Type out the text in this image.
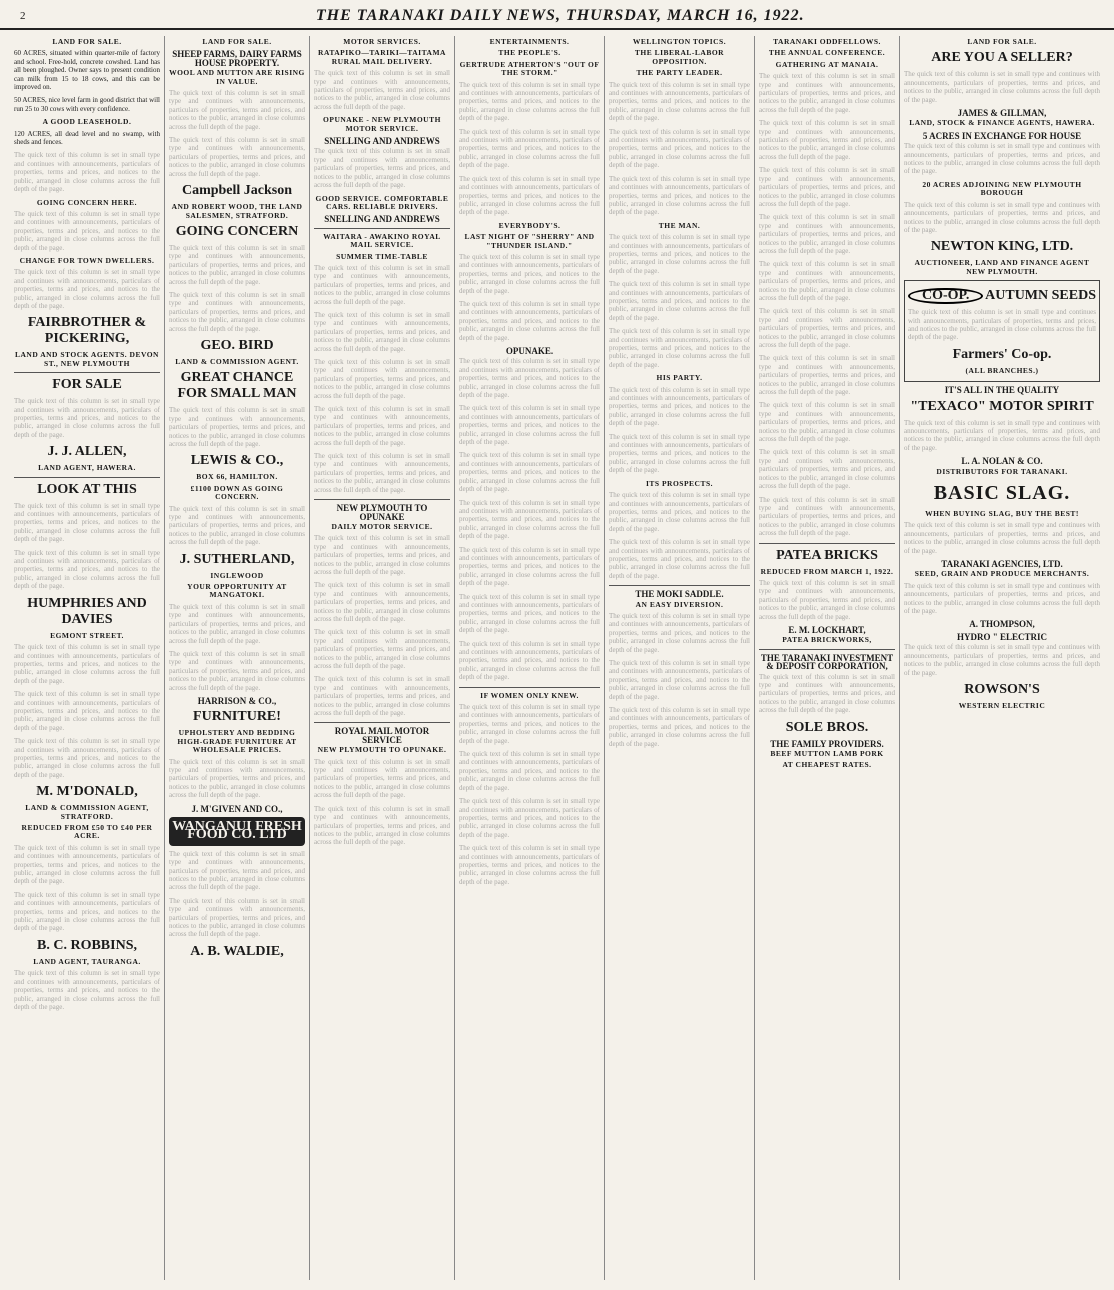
2	THE TARANAKI DAILY NEWS, THURSDAY, MARCH 16, 1922.
LAND FOR SALE.

60 ACRES, situated within quarter-mile of factory and school. Free-hold, concrete cowshed. Land has all been ploughed. Owner says to present condition can milk from 15 to 18 cows, and this can be improved on.

50 ACRES, nice level farm in good district that will run 25 to 30 cows with every confidence.

A GOOD LEASEHOLD.

120 ACRES, all dead level and no swamp, with sheds and fences.

The quick text of this column is set in small type and continues with announcements, particulars of properties, terms and prices, and notices to the public, arranged in close columns across the full depth of the page.

GOING CONCERN HERE.

The quick text of this column is set in small type and continues with announcements, particulars of properties, terms and prices, and notices to the public, arranged in close columns across the full depth of the page.

CHANGE FOR TOWN DWELLERS.

The quick text of this column is set in small type and continues with announcements, particulars of properties, terms and prices, and notices to the public, arranged in close columns across the full depth of the page.

FAIRBROTHER & PICKERING,
LAND AND STOCK AGENTS. DEVON ST., NEW PLYMOUTH
FOR SALE

The quick text of this column is set in small type and continues with announcements, particulars of properties, terms and prices, and notices to the public, arranged in close columns across the full depth of the page.

J. J. ALLEN,
LAND AGENT, HAWERA.
LOOK AT THIS

The quick text of this column is set in small type and continues with announcements, particulars of properties, terms and prices, and notices to the public, arranged in close columns across the full depth of the page.

The quick text of this column is set in small type and continues with announcements, particulars of properties, terms and prices, and notices to the public, arranged in close columns across the full depth of the page.

HUMPHRIES AND DAVIES
EGMONT STREET.

The quick text of this column is set in small type and continues with announcements, particulars of properties, terms and prices, and notices to the public, arranged in close columns across the full depth of the page.

The quick text of this column is set in small type and continues with announcements, particulars of properties, terms and prices, and notices to the public, arranged in close columns across the full depth of the page.

The quick text of this column is set in small type and continues with announcements, particulars of properties, terms and prices, and notices to the public, arranged in close columns across the full depth of the page.

M. M'DONALD,
LAND & COMMISSION AGENT, STRATFORD.
REDUCED FROM £50 TO £40 PER ACRE.

The quick text of this column is set in small type and continues with announcements, particulars of properties, terms and prices, and notices to the public, arranged in close columns across the full depth of the page.

The quick text of this column is set in small type and continues with announcements, particulars of properties, terms and prices, and notices to the public, arranged in close columns across the full depth of the page.

B. C. ROBBINS,
LAND AGENT, TAURANGA.

The quick text of this column is set in small type and continues with announcements, particulars of properties, terms and prices, and notices to the public, arranged in close columns across the full depth of the page.

LAND FOR SALE.
SHEEP FARMS, DAIRY FARMS HOUSE PROPERTY.
WOOL AND MUTTON ARE RISING IN VALUE.

The quick text of this column is set in small type and continues with announcements, particulars of properties, terms and prices, and notices to the public, arranged in close columns across the full depth of the page.

The quick text of this column is set in small type and continues with announcements, particulars of properties, terms and prices, and notices to the public, arranged in close columns across the full depth of the page.

Campbell Jackson
AND ROBERT WOOD, THE LAND SALESMEN, STRATFORD.
GOING CONCERN

The quick text of this column is set in small type and continues with announcements, particulars of properties, terms and prices, and notices to the public, arranged in close columns across the full depth of the page.

The quick text of this column is set in small type and continues with announcements, particulars of properties, terms and prices, and notices to the public, arranged in close columns across the full depth of the page.

GEO. BIRD
LAND & COMMISSION AGENT.
GREAT CHANCE FOR SMALL MAN

The quick text of this column is set in small type and continues with announcements, particulars of properties, terms and prices, and notices to the public, arranged in close columns across the full depth of the page.

LEWIS & CO.,
BOX 66, HAMILTON.
£1100 DOWN AS GOING CONCERN.

The quick text of this column is set in small type and continues with announcements, particulars of properties, terms and prices, and notices to the public, arranged in close columns across the full depth of the page.

J. SUTHERLAND,
INGLEWOOD
YOUR OPPORTUNITY AT MANGATOKI.

The quick text of this column is set in small type and continues with announcements, particulars of properties, terms and prices, and notices to the public, arranged in close columns across the full depth of the page.

The quick text of this column is set in small type and continues with announcements, particulars of properties, terms and prices, and notices to the public, arranged in close columns across the full depth of the page.

HARRISON & CO.,
FURNITURE!
UPHOLSTERY AND BEDDING HIGH-GRADE FURNITURE AT WHOLESALE PRICES.

The quick text of this column is set in small type and continues with announcements, particulars of properties, terms and prices, and notices to the public, arranged in close columns across the full depth of the page.

J. M'GIVEN AND CO.,
WANGANUI FRESH FOOD CO. LTD

The quick text of this column is set in small type and continues with announcements, particulars of properties, terms and prices, and notices to the public, arranged in close columns across the full depth of the page.

The quick text of this column is set in small type and continues with announcements, particulars of properties, terms and prices, and notices to the public, arranged in close columns across the full depth of the page.

A. B. WALDIE,
MOTOR SERVICES.
RATAPIKO—TARIKI—TAITAMA RURAL MAIL DELIVERY.

The quick text of this column is set in small type and continues with announcements, particulars of properties, terms and prices, and notices to the public, arranged in close columns across the full depth of the page.

OPUNAKE - NEW PLYMOUTH MOTOR SERVICE.
SNELLING AND ANDREWS

The quick text of this column is set in small type and continues with announcements, particulars of properties, terms and prices, and notices to the public, arranged in close columns across the full depth of the page.

GOOD SERVICE. COMFORTABLE CARS. RELIABLE DRIVERS.
SNELLING AND ANDREWS
WAITARA - AWAKINO ROYAL MAIL SERVICE.
SUMMER TIME-TABLE

The quick text of this column is set in small type and continues with announcements, particulars of properties, terms and prices, and notices to the public, arranged in close columns across the full depth of the page.

The quick text of this column is set in small type and continues with announcements, particulars of properties, terms and prices, and notices to the public, arranged in close columns across the full depth of the page.

The quick text of this column is set in small type and continues with announcements, particulars of properties, terms and prices, and notices to the public, arranged in close columns across the full depth of the page.

The quick text of this column is set in small type and continues with announcements, particulars of properties, terms and prices, and notices to the public, arranged in close columns across the full depth of the page.

The quick text of this column is set in small type and continues with announcements, particulars of properties, terms and prices, and notices to the public, arranged in close columns across the full depth of the page.

NEW PLYMOUTH TO OPUNAKE
DAILY MOTOR SERVICE.

The quick text of this column is set in small type and continues with announcements, particulars of properties, terms and prices, and notices to the public, arranged in close columns across the full depth of the page.

The quick text of this column is set in small type and continues with announcements, particulars of properties, terms and prices, and notices to the public, arranged in close columns across the full depth of the page.

The quick text of this column is set in small type and continues with announcements, particulars of properties, terms and prices, and notices to the public, arranged in close columns across the full depth of the page.

The quick text of this column is set in small type and continues with announcements, particulars of properties, terms and prices, and notices to the public, arranged in close columns across the full depth of the page.

ROYAL MAIL MOTOR SERVICE
NEW PLYMOUTH TO OPUNAKE.

The quick text of this column is set in small type and continues with announcements, particulars of properties, terms and prices, and notices to the public, arranged in close columns across the full depth of the page.

The quick text of this column is set in small type and continues with announcements, particulars of properties, terms and prices, and notices to the public, arranged in close columns across the full depth of the page.

ENTERTAINMENTS.
THE PEOPLE'S.
GERTRUDE ATHERTON'S "OUT OF THE STORM."

The quick text of this column is set in small type and continues with announcements, particulars of properties, terms and prices, and notices to the public, arranged in close columns across the full depth of the page.

The quick text of this column is set in small type and continues with announcements, particulars of properties, terms and prices, and notices to the public, arranged in close columns across the full depth of the page.

The quick text of this column is set in small type and continues with announcements, particulars of properties, terms and prices, and notices to the public, arranged in close columns across the full depth of the page.

EVERYBODY'S.
LAST NIGHT OF "SHERRY" AND "THUNDER ISLAND."

The quick text of this column is set in small type and continues with announcements, particulars of properties, terms and prices, and notices to the public, arranged in close columns across the full depth of the page.

The quick text of this column is set in small type and continues with announcements, particulars of properties, terms and prices, and notices to the public, arranged in close columns across the full depth of the page.

OPUNAKE.

The quick text of this column is set in small type and continues with announcements, particulars of properties, terms and prices, and notices to the public, arranged in close columns across the full depth of the page.

The quick text of this column is set in small type and continues with announcements, particulars of properties, terms and prices, and notices to the public, arranged in close columns across the full depth of the page.

The quick text of this column is set in small type and continues with announcements, particulars of properties, terms and prices, and notices to the public, arranged in close columns across the full depth of the page.

The quick text of this column is set in small type and continues with announcements, particulars of properties, terms and prices, and notices to the public, arranged in close columns across the full depth of the page.

The quick text of this column is set in small type and continues with announcements, particulars of properties, terms and prices, and notices to the public, arranged in close columns across the full depth of the page.

The quick text of this column is set in small type and continues with announcements, particulars of properties, terms and prices, and notices to the public, arranged in close columns across the full depth of the page.

The quick text of this column is set in small type and continues with announcements, particulars of properties, terms and prices, and notices to the public, arranged in close columns across the full depth of the page.

IF WOMEN ONLY KNEW.

The quick text of this column is set in small type and continues with announcements, particulars of properties, terms and prices, and notices to the public, arranged in close columns across the full depth of the page.

The quick text of this column is set in small type and continues with announcements, particulars of properties, terms and prices, and notices to the public, arranged in close columns across the full depth of the page.

The quick text of this column is set in small type and continues with announcements, particulars of properties, terms and prices, and notices to the public, arranged in close columns across the full depth of the page.

The quick text of this column is set in small type and continues with announcements, particulars of properties, terms and prices, and notices to the public, arranged in close columns across the full depth of the page.

WELLINGTON TOPICS.
THE LIBERAL-LABOR OPPOSITION.
THE PARTY LEADER.

The quick text of this column is set in small type and continues with announcements, particulars of properties, terms and prices, and notices to the public, arranged in close columns across the full depth of the page.

The quick text of this column is set in small type and continues with announcements, particulars of properties, terms and prices, and notices to the public, arranged in close columns across the full depth of the page.

The quick text of this column is set in small type and continues with announcements, particulars of properties, terms and prices, and notices to the public, arranged in close columns across the full depth of the page.

THE MAN.

The quick text of this column is set in small type and continues with announcements, particulars of properties, terms and prices, and notices to the public, arranged in close columns across the full depth of the page.

The quick text of this column is set in small type and continues with announcements, particulars of properties, terms and prices, and notices to the public, arranged in close columns across the full depth of the page.

The quick text of this column is set in small type and continues with announcements, particulars of properties, terms and prices, and notices to the public, arranged in close columns across the full depth of the page.

HIS PARTY.

The quick text of this column is set in small type and continues with announcements, particulars of properties, terms and prices, and notices to the public, arranged in close columns across the full depth of the page.

The quick text of this column is set in small type and continues with announcements, particulars of properties, terms and prices, and notices to the public, arranged in close columns across the full depth of the page.

ITS PROSPECTS.

The quick text of this column is set in small type and continues with announcements, particulars of properties, terms and prices, and notices to the public, arranged in close columns across the full depth of the page.

The quick text of this column is set in small type and continues with announcements, particulars of properties, terms and prices, and notices to the public, arranged in close columns across the full depth of the page.

THE MOKI SADDLE.
AN EASY DIVERSION.

The quick text of this column is set in small type and continues with announcements, particulars of properties, terms and prices, and notices to the public, arranged in close columns across the full depth of the page.

The quick text of this column is set in small type and continues with announcements, particulars of properties, terms and prices, and notices to the public, arranged in close columns across the full depth of the page.

The quick text of this column is set in small type and continues with announcements, particulars of properties, terms and prices, and notices to the public, arranged in close columns across the full depth of the page.

TARANAKI ODDFELLOWS.
THE ANNUAL CONFERENCE.
GATHERING AT MANAIA.

The quick text of this column is set in small type and continues with announcements, particulars of properties, terms and prices, and notices to the public, arranged in close columns across the full depth of the page.

The quick text of this column is set in small type and continues with announcements, particulars of properties, terms and prices, and notices to the public, arranged in close columns across the full depth of the page.

The quick text of this column is set in small type and continues with announcements, particulars of properties, terms and prices, and notices to the public, arranged in close columns across the full depth of the page.

The quick text of this column is set in small type and continues with announcements, particulars of properties, terms and prices, and notices to the public, arranged in close columns across the full depth of the page.

The quick text of this column is set in small type and continues with announcements, particulars of properties, terms and prices, and notices to the public, arranged in close columns across the full depth of the page.

The quick text of this column is set in small type and continues with announcements, particulars of properties, terms and prices, and notices to the public, arranged in close columns across the full depth of the page.

The quick text of this column is set in small type and continues with announcements, particulars of properties, terms and prices, and notices to the public, arranged in close columns across the full depth of the page.

The quick text of this column is set in small type and continues with announcements, particulars of properties, terms and prices, and notices to the public, arranged in close columns across the full depth of the page.

The quick text of this column is set in small type and continues with announcements, particulars of properties, terms and prices, and notices to the public, arranged in close columns across the full depth of the page.

The quick text of this column is set in small type and continues with announcements, particulars of properties, terms and prices, and notices to the public, arranged in close columns across the full depth of the page.

PATEA BRICKS
REDUCED FROM MARCH 1, 1922.

The quick text of this column is set in small type and continues with announcements, particulars of properties, terms and prices, and notices to the public, arranged in close columns across the full depth of the page.

E. M. LOCKHART,
PATEA BRICKWORKS,
THE TARANAKI INVESTMENT & DEPOSIT CORPORATION,

The quick text of this column is set in small type and continues with announcements, particulars of properties, terms and prices, and notices to the public, arranged in close columns across the full depth of the page.

SOLE BROS.
THE FAMILY PROVIDERS.
BEEF MUTTON LAMB PORK
AT CHEAPEST RATES.
LAND FOR SALE.
ARE YOU A SELLER?

The quick text of this column is set in small type and continues with announcements, particulars of properties, terms and prices, and notices to the public, arranged in close columns across the full depth of the page.

JAMES & GILLMAN,
LAND, STOCK & FINANCE AGENTS, HAWERA.
5 ACRES IN EXCHANGE FOR HOUSE

The quick text of this column is set in small type and continues with announcements, particulars of properties, terms and prices, and notices to the public, arranged in close columns across the full depth of the page.

20 ACRES ADJOINING NEW PLYMOUTH BOROUGH

The quick text of this column is set in small type and continues with announcements, particulars of properties, terms and prices, and notices to the public, arranged in close columns across the full depth of the page.

NEWTON KING, LTD.
AUCTIONEER, LAND AND FINANCE AGENT NEW PLYMOUTH.
CO-OP.	AUTUMN SEEDS

The quick text of this column is set in small type and continues with announcements, particulars of properties, terms and prices, and notices to the public, arranged in close columns across the full depth of the page.

Farmers' Co-op.
(ALL BRANCHES.)
IT'S ALL IN THE QUALITY
"TEXACO" MOTOR SPIRIT

The quick text of this column is set in small type and continues with announcements, particulars of properties, terms and prices, and notices to the public, arranged in close columns across the full depth of the page.

L. A. NOLAN & CO.
DISTRIBUTORS FOR TARANAKI.
BASIC SLAG.
WHEN BUYING SLAG, BUY THE BEST!

The quick text of this column is set in small type and continues with announcements, particulars of properties, terms and prices, and notices to the public, arranged in close columns across the full depth of the page.

TARANAKI AGENCIES, LTD.
SEED, GRAIN AND PRODUCE MERCHANTS.

The quick text of this column is set in small type and continues with announcements, particulars of properties, terms and prices, and notices to the public, arranged in close columns across the full depth of the page.

A. THOMPSON,
HYDRO " ELECTRIC

The quick text of this column is set in small type and continues with announcements, particulars of properties, terms and prices, and notices to the public, arranged in close columns across the full depth of the page.

ROWSON'S
WESTERN ELECTRIC
